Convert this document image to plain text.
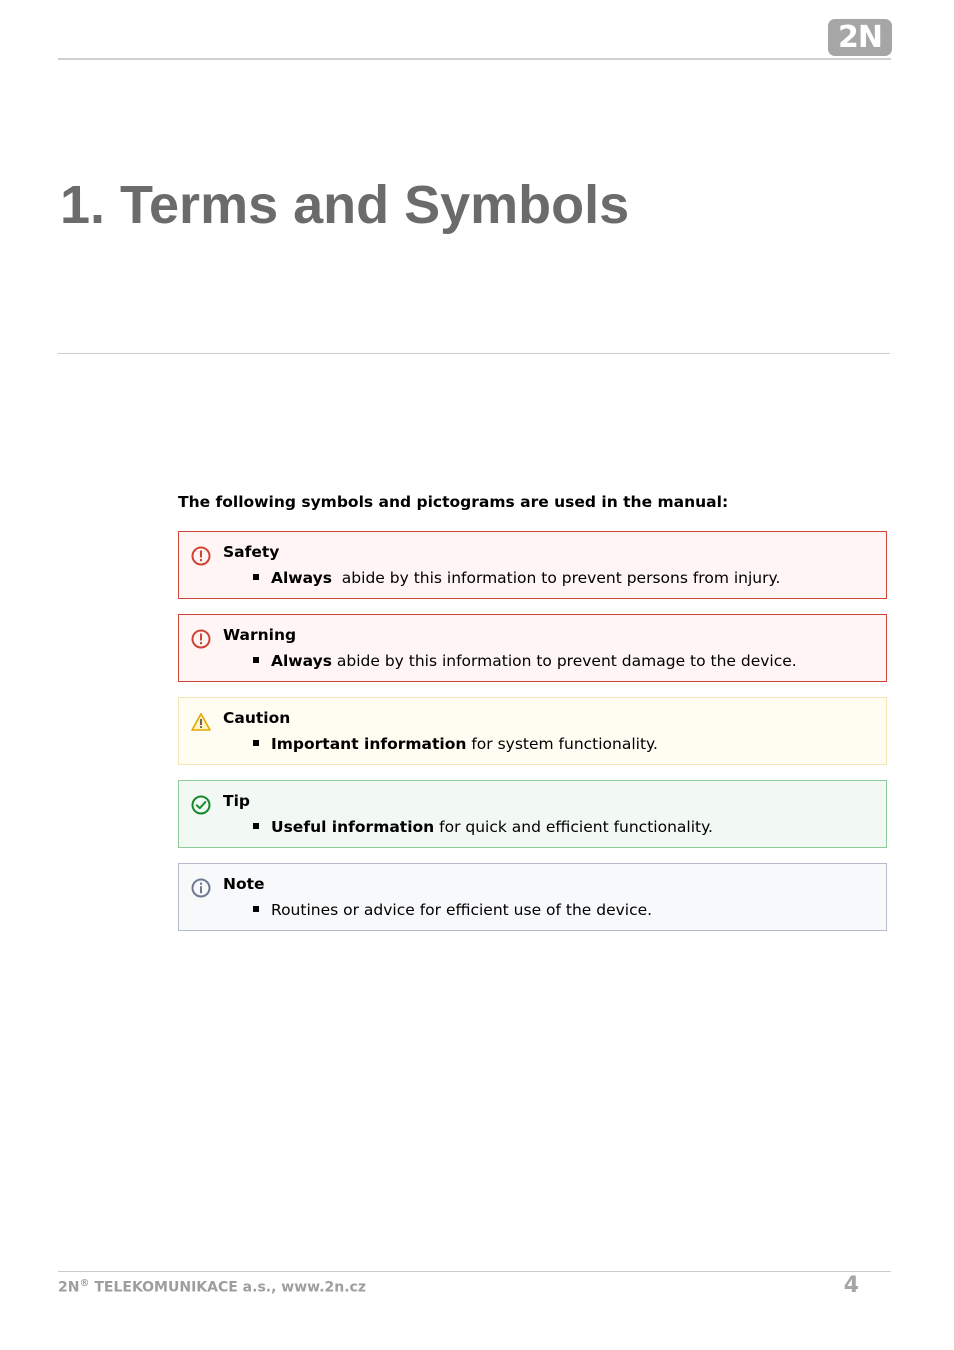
2N
1. Terms and Symbols
The following symbols and pictograms are used in the manual:
Safety
Always  abide by this information to prevent persons from injury.
Warning
Always abide by this information to prevent damage to the device.
Caution
Important information for system functionality.
Tip
Useful information for quick and efficient functionality.
Note
Routines or advice for efficient use of the device.
2N® TELEKOMUNIKACE a.s., www.2n.cz	4
